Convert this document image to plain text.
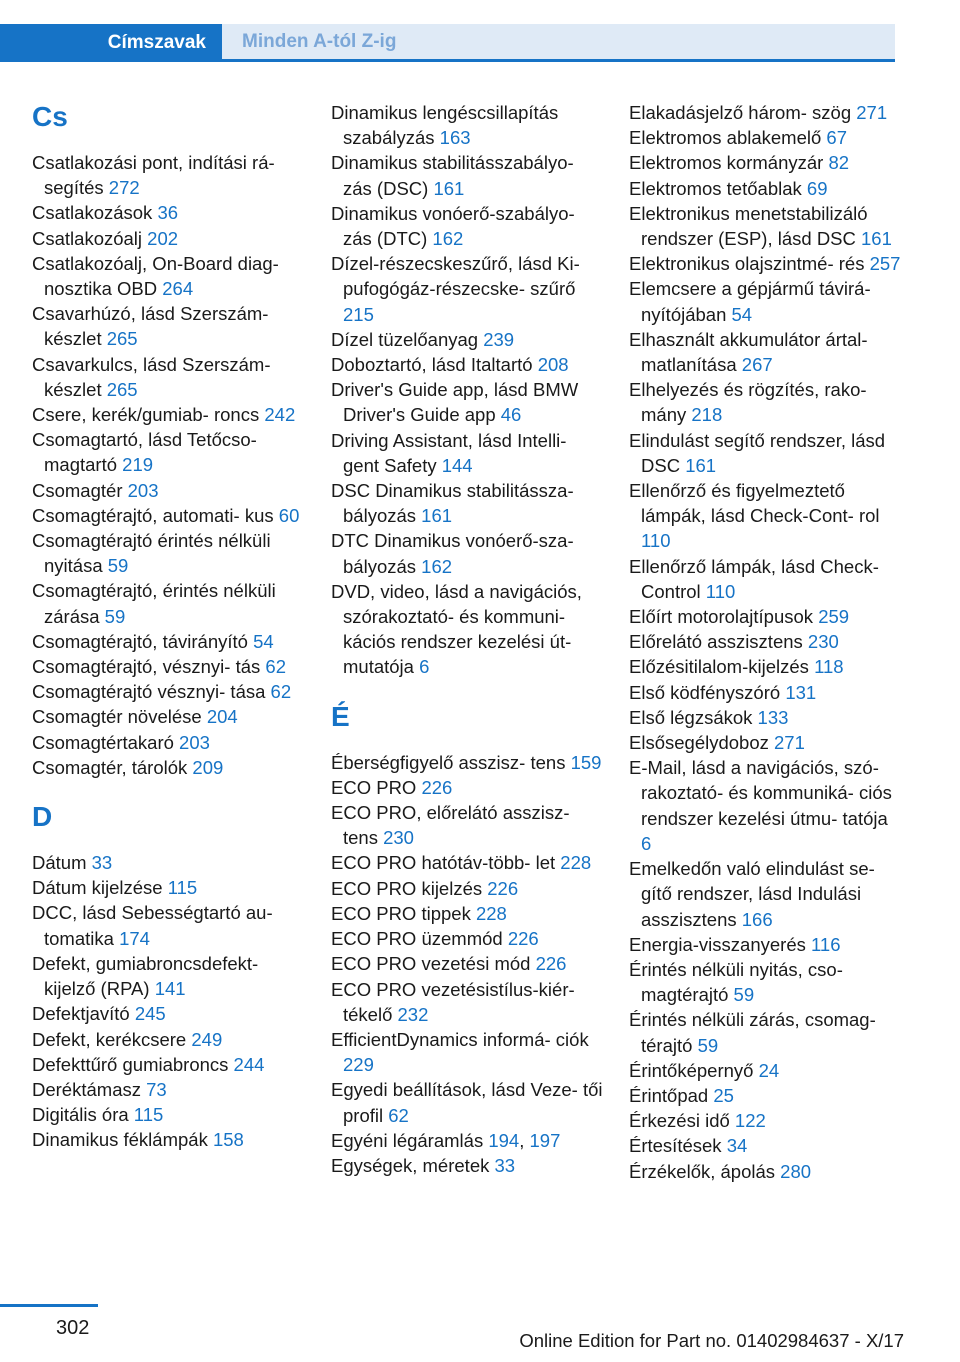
Címszavak	Minden A-tól Z-ig
Cs
Csatlakozási pont, indítási rá- segítés 272
Csatlakozások 36
Csatlakozóalj 202
Csatlakozóalj, On-Board diag- nosztika OBD 264
Csavarhúzó, lásd Szerszám- készlet 265
Csavarkulcs, lásd Szerszám- készlet 265
Csere, kerék/gumiab- roncs 242
Csomagtartó, lásd Tetőcso- magtartó 219
Csomagtér 203
Csomagtérajtó, automati- kus 60
Csomagtérajtó érintés nélküli nyitása 59
Csomagtérajtó, érintés nélküli zárása 59
Csomagtérajtó, távirányító 54
Csomagtérajtó, vésznyi- tás 62
Csomagtérajtó vésznyi- tása 62
Csomagtér növelése 204
Csomagtértakaró 203
Csomagtér, tárolók 209
D
Dátum 33
Dátum kijelzése 115
DCC, lásd Sebességtartó au- tomatika 174
Defekt, gumiabroncsdefekt- kijelző (RPA) 141
Defektjavító 245
Defekt, kerékcsere 249
Defekttűrő gumiabroncs 244
Deréktámasz 73
Digitális óra 115
Dinamikus féklámpák 158
Dinamikus lengéscsillapítás szabályzás 163
Dinamikus stabilitásszabályo- zás (DSC) 161
Dinamikus vonóerő-szabályo- zás (DTC) 162
Dízel-részecskeszűrő, lásd Ki- pufogógáz-részecske- szűrő 215
Dízel tüzelőanyag 239
Doboztartó, lásd Italtartó 208
Driver's Guide app, lásd BMW Driver's Guide app 46
Driving Assistant, lásd Intelli- gent Safety 144
DSC Dinamikus stabilitássza- bályozás 161
DTC Dinamikus vonóerő-sza- bályozás 162
DVD, video, lásd a navigációs, szórakoztató- és kommuni- kációs rendszer kezelési út- mutatója 6
É
Éberségfigyelő asszisz- tens 159
ECO PRO 226
ECO PRO, előrelátó asszisz- tens 230
ECO PRO hatótáv-több- let 228
ECO PRO kijelzés 226
ECO PRO tippek 228
ECO PRO üzemmód 226
ECO PRO vezetési mód 226
ECO PRO vezetésistílus-kiér- tékelő 232
EfficientDynamics informá- ciók 229
Egyedi beállítások, lásd Veze- tői profil 62
Egyéni légáramlás 194, 197
Egységek, méretek 33
Elakadásjelző három- szög 271
Elektromos ablakemelő 67
Elektromos kormányzár 82
Elektromos tetőablak 69
Elektronikus menetstabilizáló rendszer (ESP), lásd DSC 161
Elektronikus olajszintmé- rés 257
Elemcsere a gépjármű távirá- nyítójában 54
Elhasznált akkumulátor ártal- matlanítása 267
Elhelyezés és rögzítés, rako- mány 218
Elindulást segítő rendszer, lásd DSC 161
Ellenőrző és figyelmeztető lámpák, lásd Check-Cont- rol 110
Ellenőrző lámpák, lásd Check-Control 110
Előírt motorolajtípusok 259
Előrelátó asszisztens 230
Előzésitilalom-kijelzés 118
Első ködfényszóró 131
Első légzsákok 133
Elsősegélydoboz 271
E-Mail, lásd a navigációs, szó- rakoztató- és kommuniká- ciós rendszer kezelési útmu- tatója 6
Emelkedőn való elindulást se- gítő rendszer, lásd Indulási asszisztens 166
Energia-visszanyerés 116
Érintés nélküli nyitás, cso- magtérajtó 59
Érintés nélküli zárás, csomag- térajtó 59
Érintőképernyő 24
Érintőpad 25
Érkezési idő 122
Értesítések 34
Érzékelők, ápolás 280
302
Online Edition for Part no. 01402984637 - X/17
